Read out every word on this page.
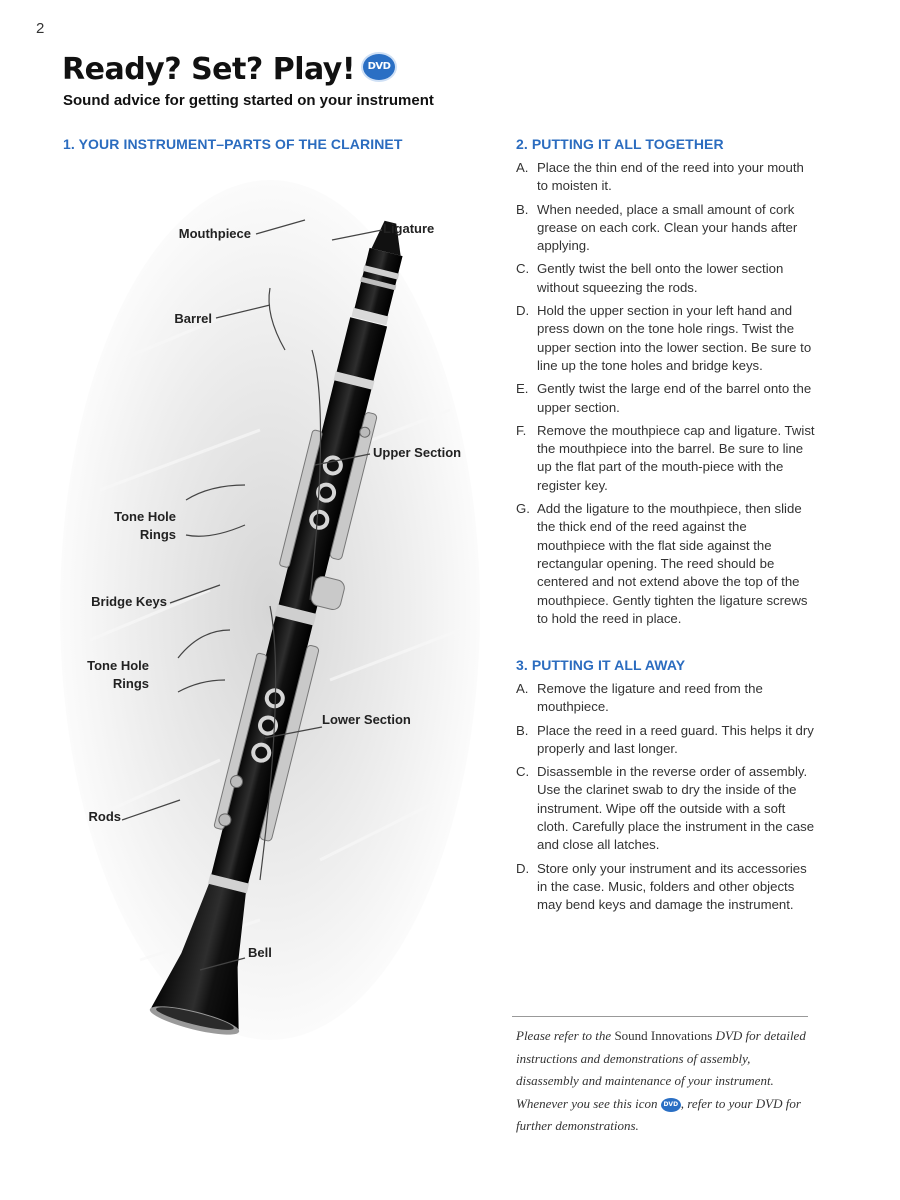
2
Ready? Set? Play! DVD
Sound advice for getting started on your instrument
1. YOUR INSTRUMENT–PARTS OF THE CLARINET
Mouthpiece	Ligature
Barrel
Upper Section
Tone Hole
Rings
Bridge Keys
Tone Hole
Rings
Lower Section
Rods
Bell
2. PUTTING IT ALL TOGETHER
A. Place the thin end of the reed into your mouth to moisten it.
B. When needed, place a small amount of cork grease on each cork. Clean your hands after applying.
C. Gently twist the bell onto the lower section without squeezing the rods.
D. Hold the upper section in your left hand and press down on the tone hole rings. Twist the upper section into the lower section. Be sure to line up the tone holes and bridge keys.
E. Gently twist the large end of the barrel onto the upper section.
F. Remove the mouthpiece cap and ligature. Twist the mouthpiece into the barrel. Be sure to line up the flat part of the mouth-piece with the register key.
G. Add the ligature to the mouthpiece, then slide the thick end of the reed against the mouthpiece with the flat side against the rectangular opening. The reed should be centered and not extend above the top of the mouthpiece. Gently tighten the ligature screws to hold the reed in place.
3. PUTTING IT ALL AWAY
A. Remove the ligature and reed from the mouthpiece.
B. Place the reed in a reed guard. This helps it dry properly and last longer.
C. Disassemble in the reverse order of assembly. Use the clarinet swab to dry the inside of the instrument. Wipe off the outside with a soft cloth. Carefully place the instrument in the case and close all latches.
D. Store only your instrument and its accessories in the case. Music, folders and other objects may bend keys and damage the instrument.
Please refer to the Sound Innovations DVD for detailed instructions and demonstrations of assembly, disassembly and maintenance of your instrument. Whenever you see this icon DVD , refer to your DVD for further demonstrations.
